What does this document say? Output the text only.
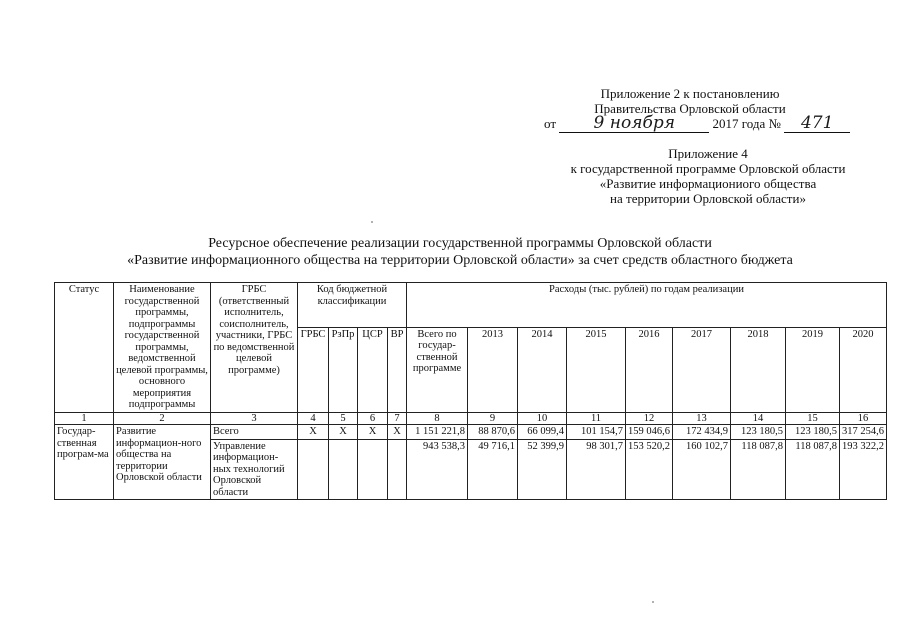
Приложение 2 к постановлению
Правительства Орловской области
от 9 ноября	2017 года № 471
Приложение 4
к государственной программе Орловской области
«Развитие информациониого общества
на территории Орловской области»
Ресурсное обеспечение реализации государственной программы Орловской области
«Развитие информационного общества на территории Орловской области» за счет средств областного бюджета
Статус	Наименование государственной программы, подпрограммы государственной программы, ведомственной целевой программы, основного мероприятия подпрограммы	ГРБС (ответственный исполнитель, соисполнитель, участники, ГРБС по ведомственной целевой программе)	Код бюджетной классификации				Расходы (тыс. рублей) по годам реализации								
			ГРБС	РзПр	ЦСР	ВР	Всего по государ-ственной программе	2013	2014	2015	2016	2017	2018	2019	2020
1	2	3	4	5	6	7	8	9	10	11	12	13	14	15	16
Государ-ственная програм-ма	Развитие информацион-ного общества на территории Орловской области	Всего	X	X	X	X	1 151 221,8	88 870,6	66 099,4	101 154,7	159 046,6	172 434,9	123 180,5	123 180,5	317 254,6
		Управление информацион-ных технологий Орловской области					943 538,3	49 716,1	52 399,9	98 301,7	153 520,2	160 102,7	118 087,8	118 087,8	193 322,2
